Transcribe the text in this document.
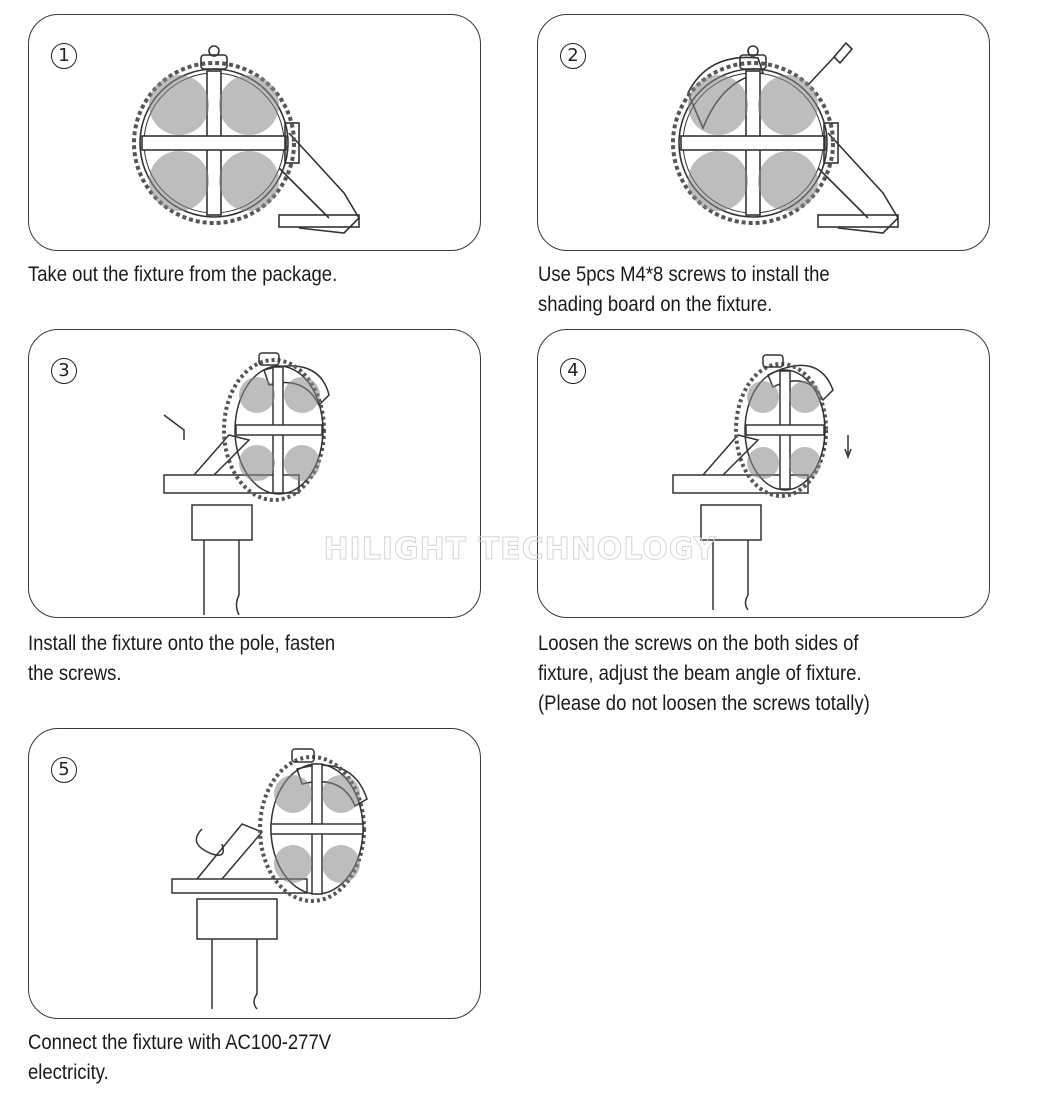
1	2
3	4
5
Take out the fixture from the package.	Use 5pcs M4*8 screws to install the
shading board on the fixture.
Install the fixture onto the pole, fasten
the screws.
Loosen the screws on the both sides of
fixture, adjust the beam angle of fixture.
(Please do not loosen the screws totally)
Connect the fixture with AC100-277V
electricity.
HILIGHT TECHNOLOGY
